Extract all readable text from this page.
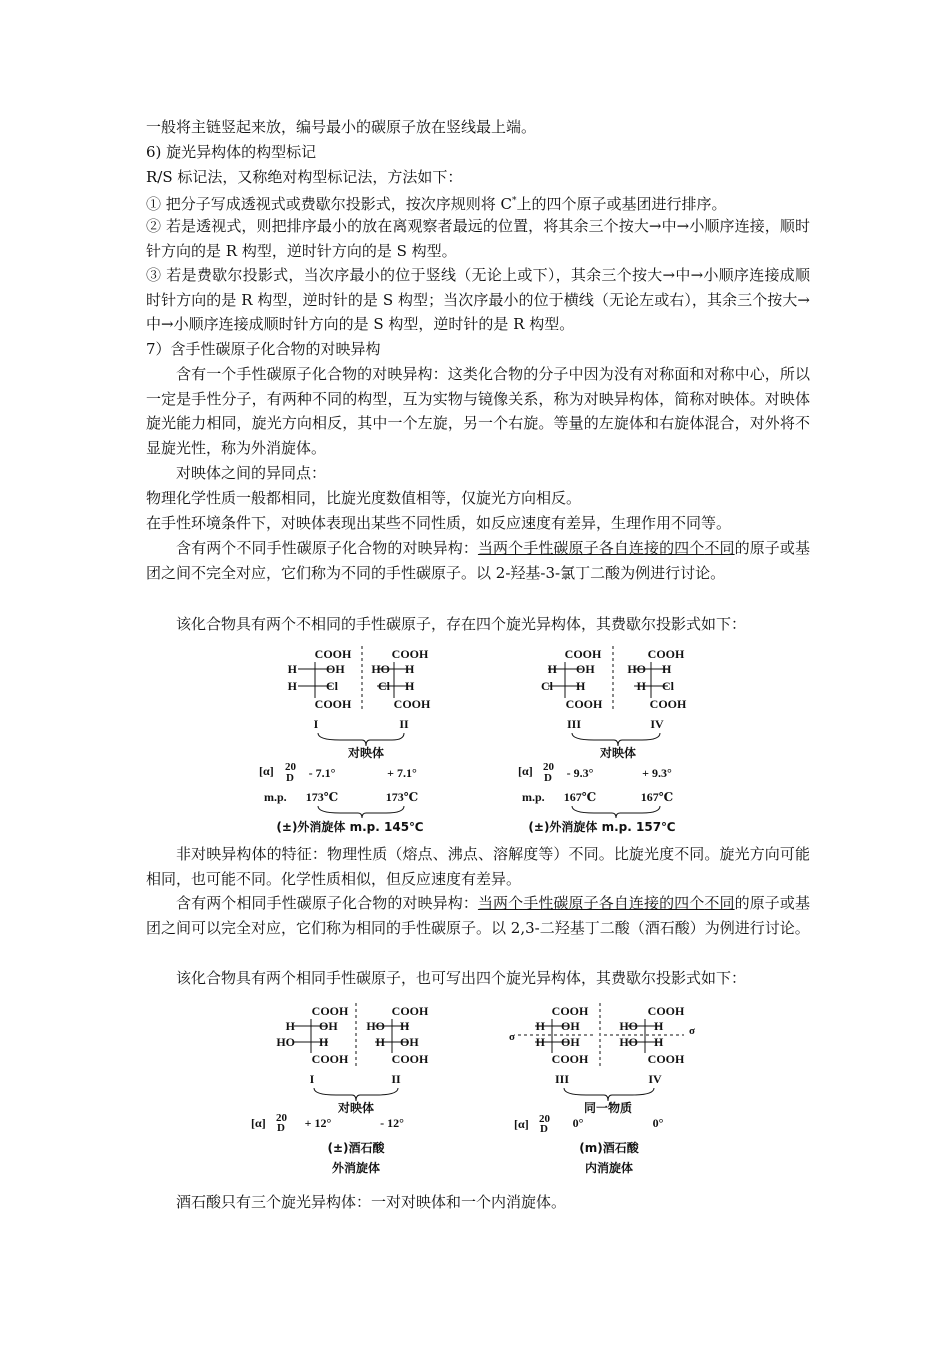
一般将主链竖起来放，编号最小的碳原子放在竖线最上端。

6) 旋光异构体的构型标记

R/S 标记法，又称绝对构型标记法，方法如下：

① 把分子写成透视式或费歇尔投影式，按次序规则将 C*上的四个原子或基团进行排序。

② 若是透视式，则把排序最小的放在离观察者最远的位置，将其余三个按大→中→小顺序连接，顺时针方向的是 R 构型，逆时针方向的是 S 构型。

③ 若是费歇尔投影式，当次序最小的位于竖线（无论上或下），其余三个按大→中→小顺序连接成顺时针方向的是 R 构型，逆时针的是 S 构型；当次序最小的位于横线（无论左或右），其余三个按大→中→小顺序连接成顺时针方向的是 S 构型，逆时针的是 R 构型。

7）含手性碳原子化合物的对映异构

含有一个手性碳原子化合物的对映异构：这类化合物的分子中因为没有对称面和对称中心，所以一定是手性分子，有两种不同的构型，互为实物与镜像关系，称为对映异构体，简称对映体。对映体旋光能力相同，旋光方向相反，其中一个左旋，另一个右旋。等量的左旋体和右旋体混合，对外将不显旋光性，称为外消旋体。

对映体之间的异同点：

物理化学性质一般都相同，比旋光度数值相等，仅旋光方向相反。

在手性环境条件下，对映体表现出某些不同性质，如反应速度有差异，生理作用不同等。

含有两个不同手性碳原子化合物的对映异构：当两个手性碳原子各自连接的四个不同的原子或基团之间不完全对应，它们称为不同的手性碳原子。以 2-羟基-3-氯丁二酸为例进行讨论。

该化合物具有两个不相同的手性碳原子，存在四个旋光异构体，其费歇尔投影式如下：

COOH
H OH
H Cl
COOH
I
COOH
HO H
Cl H
COOH
II
对映体
[α] 20
D - 7.1°	+ 7.1°
m.p. 173℃	173℃
(±)外消旋体 m.p. 145℃
COOH
H OH
Cl H
COOH
III
COOH
HO H
H Cl
COOH
IV
对映体
[α] 20
D - 9.3°	+ 9.3°
m.p. 167℃	167℃
(±)外消旋体 m.p. 157℃

非对映异构体的特征：物理性质（熔点、沸点、溶解度等）不同。比旋光度不同。旋光方向可能相同，也可能不同。化学性质相似，但反应速度有差异。

含有两个相同手性碳原子化合物的对映异构：当两个手性碳原子各自连接的四个不同的原子或基团之间可以完全对应，它们称为相同的手性碳原子。以 2,3-二羟基丁二酸（酒石酸）为例进行讨论。

该化合物具有两个相同手性碳原子，也可写出四个旋光异构体，其费歇尔投影式如下：

COOH
H OH
HO H
COOH
I
COOH
HO H
H OH
COOH
II
对映体
[α] 20
D + 12°	- 12°
(±)酒石酸
外消旋体
COOH
H OH
H OH
COOH
III
σ
COOH
HO H
HO H
COOH
IV
σ
同一物质
[α] 20
D 0°	0°
(m)酒石酸
内消旋体

酒石酸只有三个旋光异构体：一对对映体和一个内消旋体。
